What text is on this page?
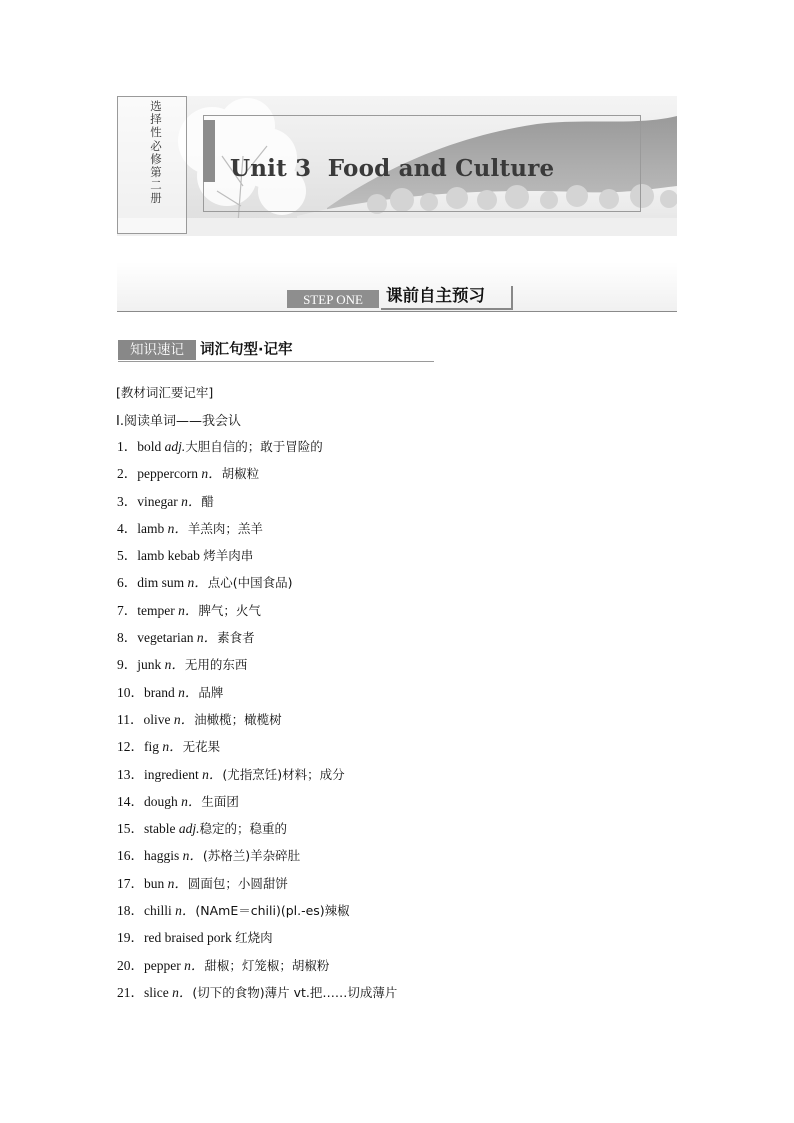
选择性必修第二册
Unit 3  Food and Culture
STEP ONE	课前自主预习
知识速记	词汇句型·记牢
[教材词汇要记牢]
Ⅰ.阅读单词——我会认
1．bold adj.大胆自信的；敢于冒险的
2．peppercorn n．胡椒粒
3．vinegar n．醋
4．lamb n．羊羔肉；羔羊
5．lamb kebab 烤羊肉串
6．dim sum n．点心(中国食品)
7．temper n．脾气；火气
8．vegetarian n．素食者
9．junk n．无用的东西
10．brand n．品牌
11．olive n．油橄榄；橄榄树
12．fig n．无花果
13．ingredient n．(尤指烹饪)材料；成分
14．dough n．生面团
15．stable adj.稳定的；稳重的
16．haggis n．(苏格兰)羊杂碎肚
17．bun n．圆面包；小圆甜饼
18．chilli n．(NAmE＝chili)(pl.-es)辣椒
19．red braised pork 红烧肉
20．pepper n．甜椒；灯笼椒；胡椒粉
21．slice n．(切下的食物)薄片 vt.把……切成薄片
